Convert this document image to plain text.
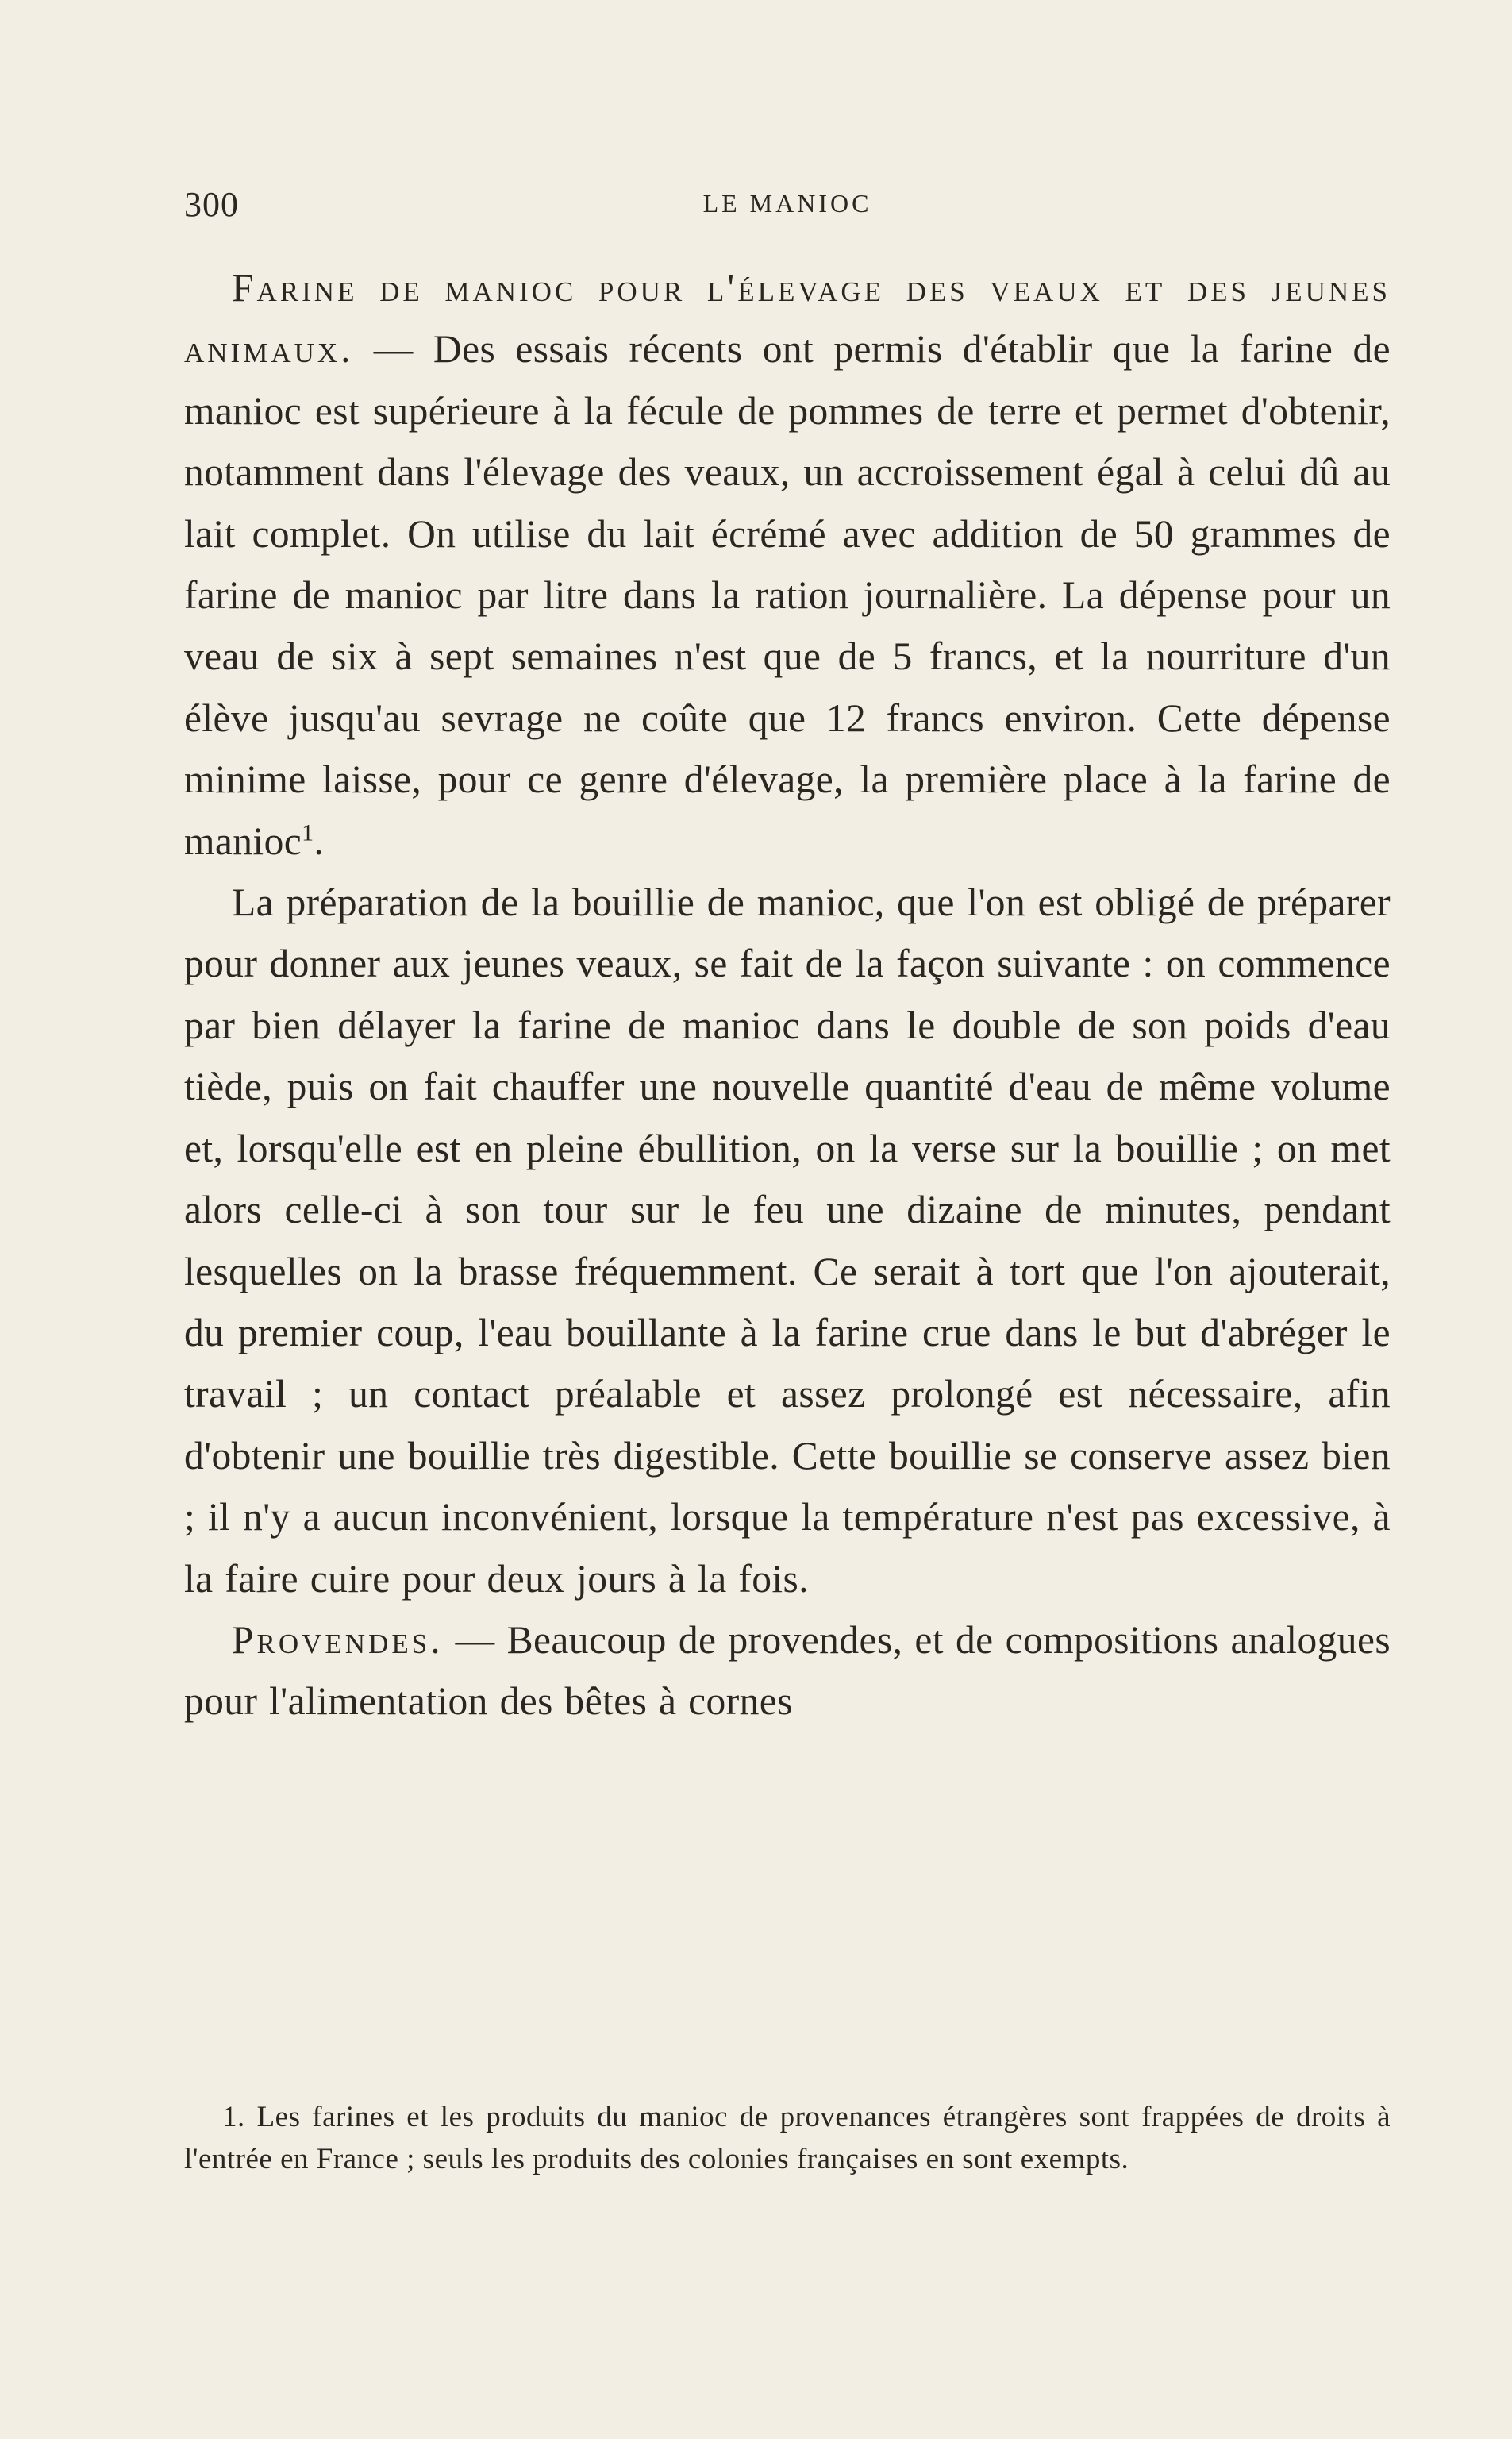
300	LE MANIOC

Farine de manioc pour l'élevage des veaux et des jeunes animaux. — Des essais récents ont permis d'établir que la farine de manioc est supérieure à la fécule de pommes de terre et permet d'obtenir, notamment dans l'élevage des veaux, un accroissement égal à celui dû au lait complet. On utilise du lait écrémé avec addition de 50 grammes de farine de manioc par litre dans la ration journalière. La dépense pour un veau de six à sept semaines n'est que de 5 francs, et la nourriture d'un élève jusqu'au sevrage ne coûte que 12 francs environ. Cette dépense minime laisse, pour ce genre d'élevage, la première place à la farine de manioc$^1$.

La préparation de la bouillie de manioc, que l'on est obligé de préparer pour donner aux jeunes veaux, se fait de la façon suivante : on commence par bien délayer la farine de manioc dans le double de son poids d'eau tiède, puis on fait chauffer une nouvelle quantité d'eau de même volume et, lorsqu'elle est en pleine ébullition, on la verse sur la bouillie ; on met alors celle-ci à son tour sur le feu une dizaine de minutes, pendant lesquelles on la brasse fréquemment. Ce serait à tort que l'on ajouterait, du premier coup, l'eau bouillante à la farine crue dans le but d'abréger le travail ; un contact préalable et assez prolongé est nécessaire, afin d'obtenir une bouillie très digestible. Cette bouillie se conserve assez bien ; il n'y a aucun inconvénient, lorsque la température n'est pas excessive, à la faire cuire pour deux jours à la fois.

Provendes. — Beaucoup de provendes, et de compositions analogues pour l'alimentation des bêtes à cornes

1. Les farines et les produits du manioc de provenances étrangères sont frappées de droits à l'entrée en France ; seuls les produits des colonies françaises en sont exempts.
